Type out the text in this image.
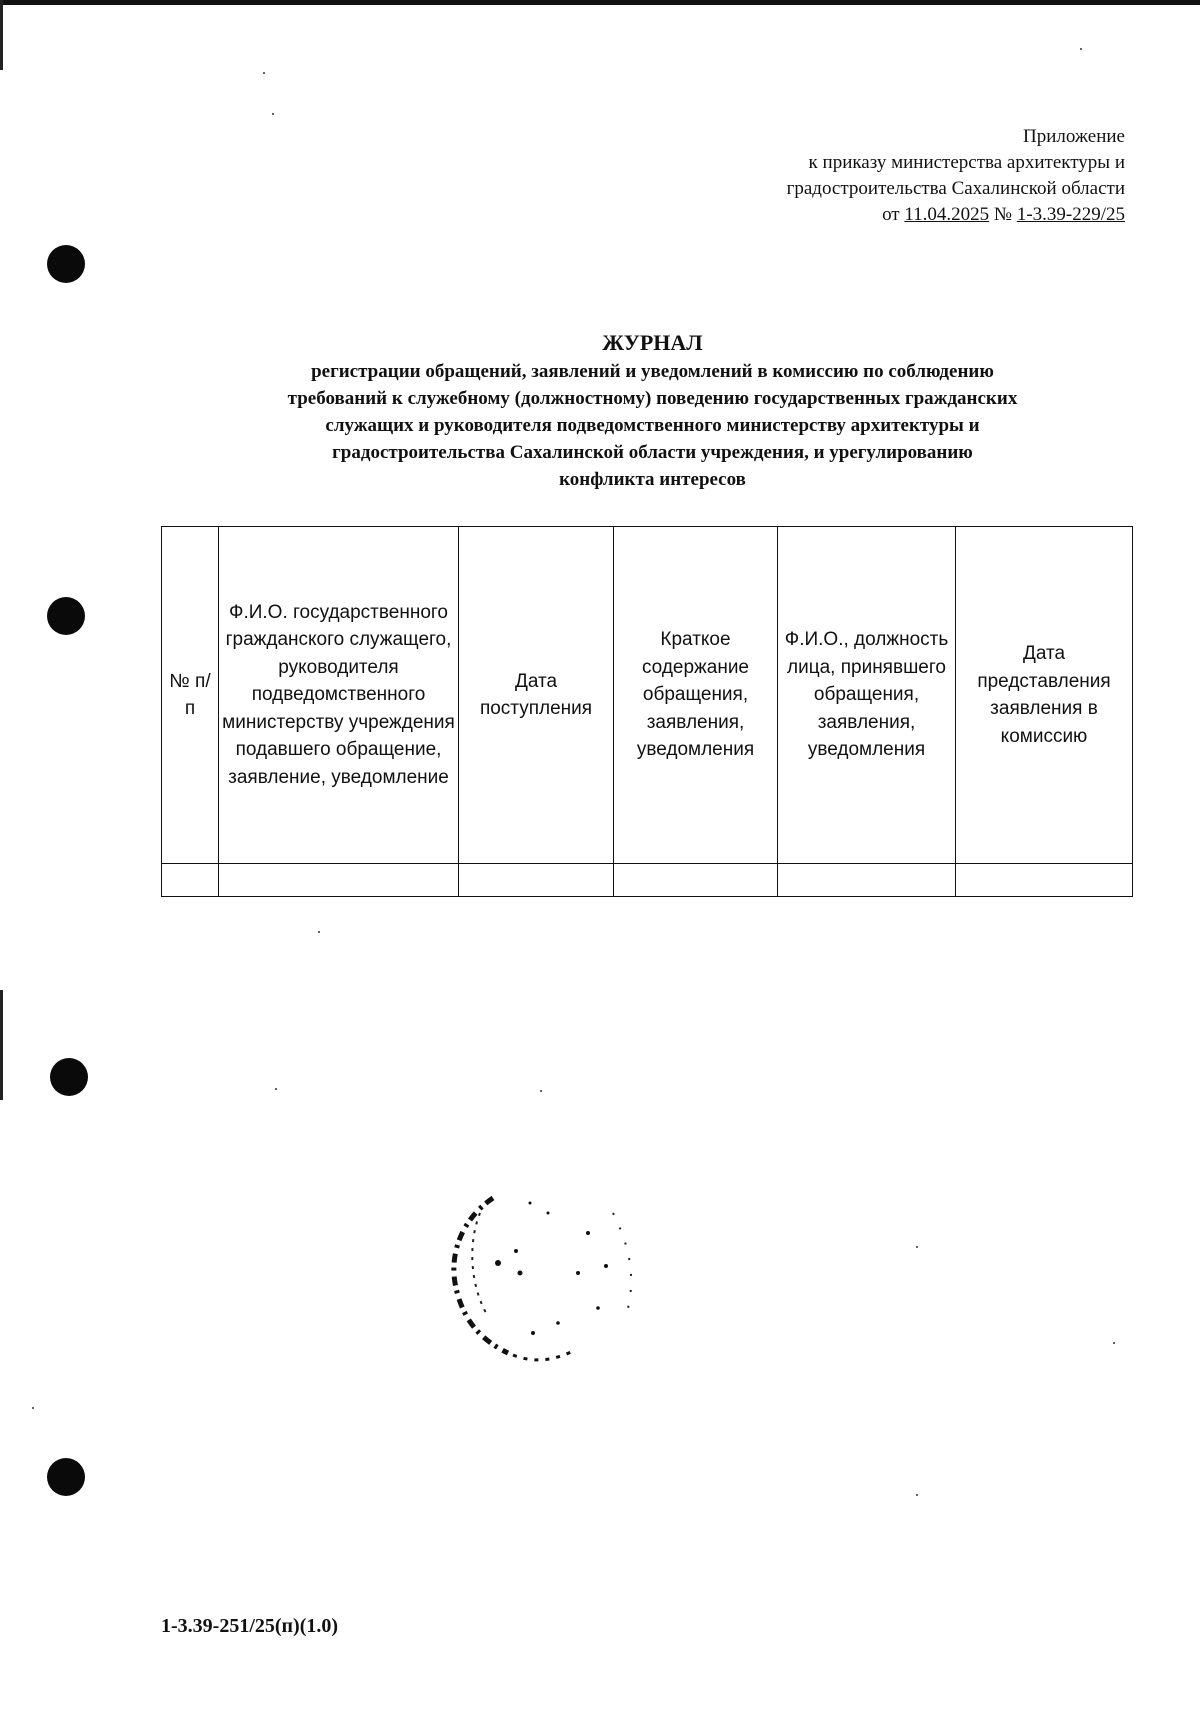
Приложение
к приказу министерства архитектуры и
градостроительства Сахалинской области
от 11.04.2025 № 1-3.39-229/25
ЖУРНАЛ
регистрации обращений, заявлений и уведомлений в комиссию по соблюдению
требований к служебному (должностному) поведению государственных гражданских
служащих и руководителя подведомственного министерству архитектуры и
градостроительства Сахалинской области учреждения, и урегулированию
конфликта интересов
№ п/п	Ф.И.О. государственного гражданского служащего, руководителя подведомственного министерству учреждения подавшего обращение, заявление, уведомление	Дата поступления	Краткое содержание обращения, заявления, уведомления	Ф.И.О., должность лица, принявшего обращения, заявления, уведомления	Дата представления заявления в комиссию

1-3.39-251/25(п)(1.0)
